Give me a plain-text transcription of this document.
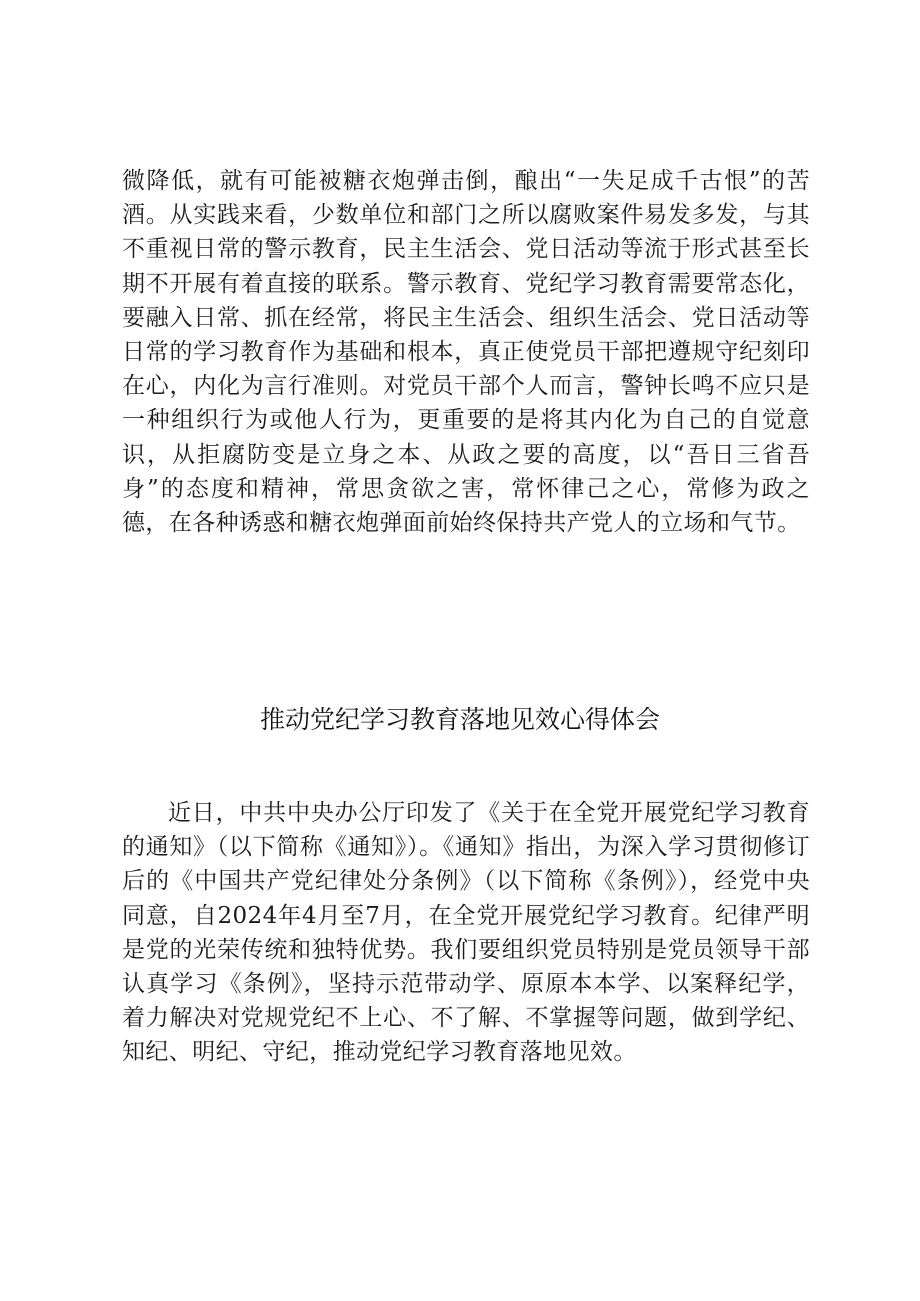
微降低，就有可能被糖衣炮弹击倒，酿出“一失足成千古恨”的苦酒。从实践来看，少数单位和部门之所以腐败案件易发多发，与其不重视日常的警示教育，民主生活会、党日活动等流于形式甚至长期不开展有着直接的联系。警示教育、党纪学习教育需要常态化，要融入日常、抓在经常，将民主生活会、组织生活会、党日活动等日常的学习教育作为基础和根本，真正使党员干部把遵规守纪刻印在心，内化为言行准则。对党员干部个人而言，警钟长鸣不应只是一种组织行为或他人行为，更重要的是将其内化为自己的自觉意识，从拒腐防变是立身之本、从政之要的高度，以“吾日三省吾身”的态度和精神，常思贪欲之害，常怀律己之心，常修为政之德，在各种诱惑和糖衣炮弹面前始终保持共产党人的立场和气节。

推动党纪学习教育落地见效心得体会

近日，中共中央办公厅印发了《关于在全党开展党纪学习教育的通知》（以下简称《通知》）。《通知》指出，为深入学习贯彻修订后的《中国共产党纪律处分条例》（以下简称《条例》），经党中央同意，自2024年4月至7月，在全党开展党纪学习教育。纪律严明是党的光荣传统和独特优势。我们要组织党员特别是党员领导干部认真学习《条例》，坚持示范带动学、原原本本学、以案释纪学，着力解决对党规党纪不上心、不了解、不掌握等问题，做到学纪、知纪、明纪、守纪，推动党纪学习教育落地见效。
